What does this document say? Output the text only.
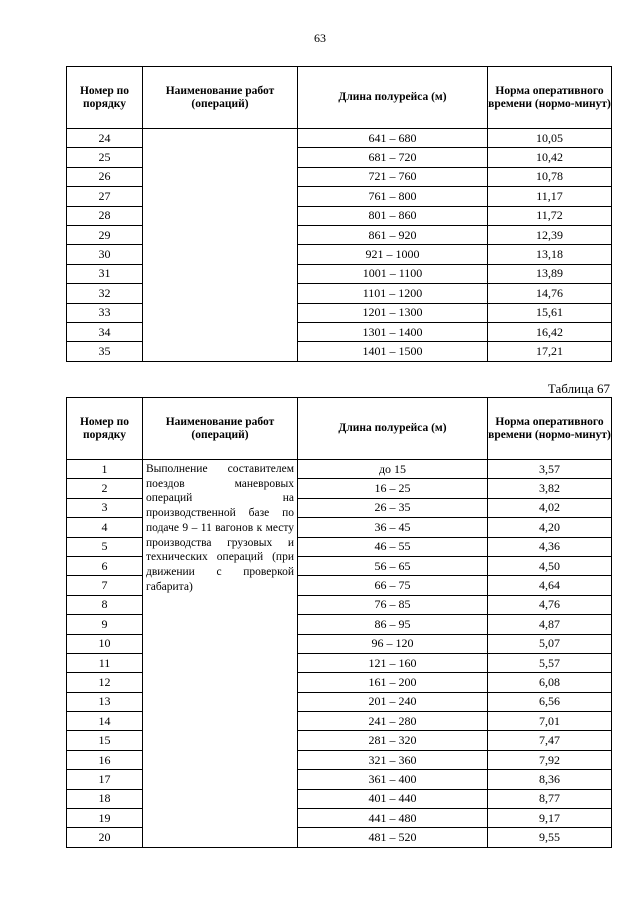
63
Номер по порядку	Наименование работ (операций)	Длина полурейса (м)	Норма оперативного времени (нормо-минут)
24		641 – 680	10,05
25		681 – 720	10,42
26		721 – 760	10,78
27		761 – 800	11,17
28		801 – 860	11,72
29		861 – 920	12,39
30		921 – 1000	13,18
31		1001 – 1100	13,89
32		1101 – 1200	14,76
33		1201 – 1300	15,61
34		1301 – 1400	16,42
35		1401 – 1500	17,21
Таблица 67
Номер по порядку	Наименование работ (операций)	Длина полурейса (м)	Норма оперативного времени (нормо-минут)
1	Выполнение составителем поездов маневровых операций на производственной базе по подаче 9 – 11 вагонов к месту производства грузовых и технических операций (при движении с проверкой габарита)	до 15	3,57
2		16 – 25	3,82
3		26 – 35	4,02
4		36 – 45	4,20
5		46 – 55	4,36
6		56 – 65	4,50
7		66 – 75	4,64
8		76 – 85	4,76
9		86 – 95	4,87
10		96 – 120	5,07
11		121 – 160	5,57
12		161 – 200	6,08
13		201 – 240	6,56
14		241 – 280	7,01
15		281 – 320	7,47
16		321 – 360	7,92
17		361 – 400	8,36
18		401 – 440	8,77
19		441 – 480	9,17
20		481 – 520	9,55
